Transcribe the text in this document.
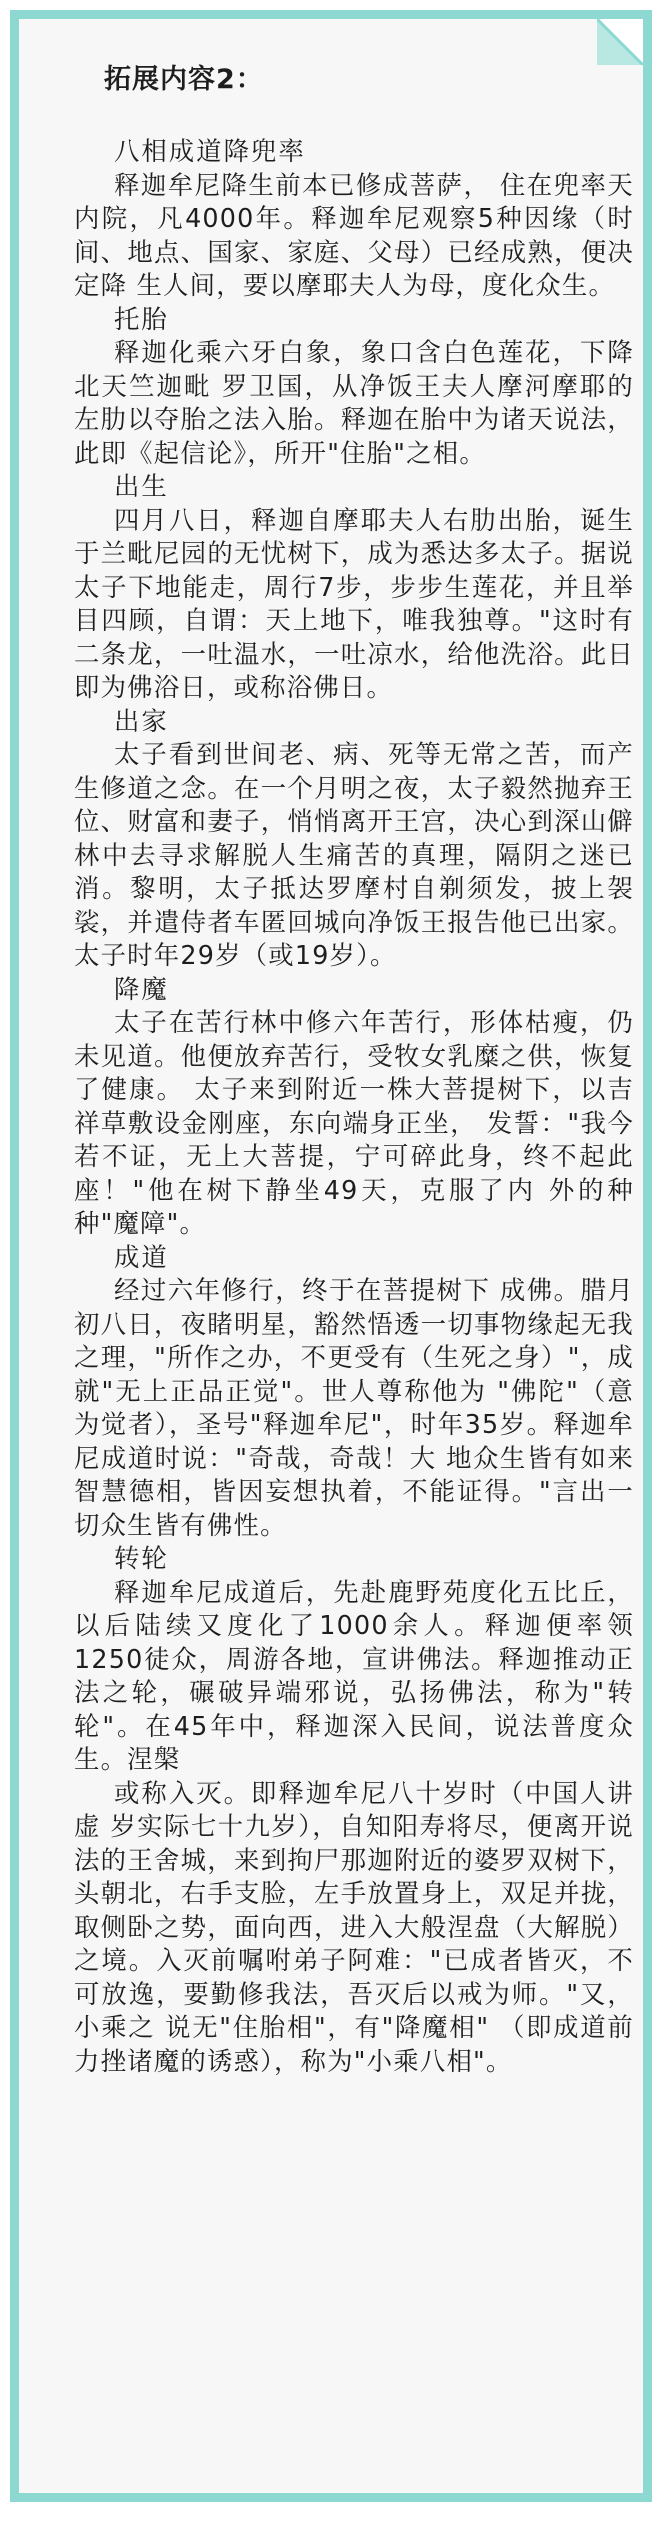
拓展内容2：

八相成道降兜率

释迦牟尼降生前本已修成菩萨， 住在兜率天内院，凡4000年。释迦牟尼观察5种因缘（时间、地点、国家、家庭、父母）已经成熟，便决定降 生人间，要以摩耶夫人为母，度化众生。

托胎

释迦化乘六牙白象，象口含白色莲花，下降北天竺迦毗 罗卫国，从净饭王夫人摩河摩耶的左肋以夺胎之法入胎。释迦在胎中为诸天说法，此即《起信论》，所开"住胎"之相。

出生

四月八日，释迦自摩耶夫人右肋出胎，诞生于兰毗尼园的无忧树下，成为悉达多太子。据说太子下地能走，周行7步，步步生莲花，并且举目四顾，自谓：天上地下，唯我独尊。"这时有二条龙，一吐温水，一吐凉水，给他洗浴。此日即为佛浴日，或称浴佛日。

出家

太子看到世间老、病、死等无常之苦，而产生修道之念。在一个月明之夜，太子毅然抛弃王位、财富和妻子，悄悄离开王宫，决心到深山僻林中去寻求解脱人生痛苦的真理，隔阴之迷已消。黎明，太子抵达罗摩村自剃须发，披上袈裟，并遣侍者车匿回城向净饭王报告他已出家。太子时年29岁（或19岁）。

降魔

太子在苦行林中修六年苦行，形体枯瘦，仍未见道。他便放弃苦行，受牧女乳糜之供，恢复了健康。 太子来到附近一株大菩提树下，以吉祥草敷设金刚座，东向端身正坐， 发誓："我今若不证，无上大菩提，宁可碎此身，终不起此座！"他在树下静坐49天，克服了内 外的种种"魔障"。

成道

经过六年修行，终于在菩提树下 成佛。腊月初八日，夜睹明星，豁然悟透一切事物缘起无我之理，"所作之办，不更受有（生死之身）"，成就"无上正品正觉"。世人尊称他为 "佛陀"（意为觉者），圣号"释迦牟尼"，时年35岁。释迦牟尼成道时说："奇哉，奇哉！大 地众生皆有如来智慧德相，皆因妄想执着，不能证得。"言出一切众生皆有佛性。

转轮

释迦牟尼成道后，先赴鹿野苑度化五比丘， 以后陆续又度化了1000余人。释迦便率领1250徒众，周游各地，宣讲佛法。释迦推动正 法之轮，碾破异端邪说，弘扬佛法，称为"转轮"。在45年中，释迦深入民间，说法普度众生。涅槃

或称入灭。即释迦牟尼八十岁时（中国人讲虚 岁实际七十九岁），自知阳寿将尽，便离开说法的王舍城，来到拘尸那迦附近的婆罗双树下，头朝北，右手支脸，左手放置身上，双足并拢，取侧卧之势，面向西，进入大般涅盘（大解脱）之境。入灭前嘱咐弟子阿难："已成者皆灭，不可放逸，要勤修我法，吾灭后以戒为师。"又，小乘之 说无"住胎相"，有"降魔相" （即成道前力挫诸魔的诱惑），称为"小乘八相"。
